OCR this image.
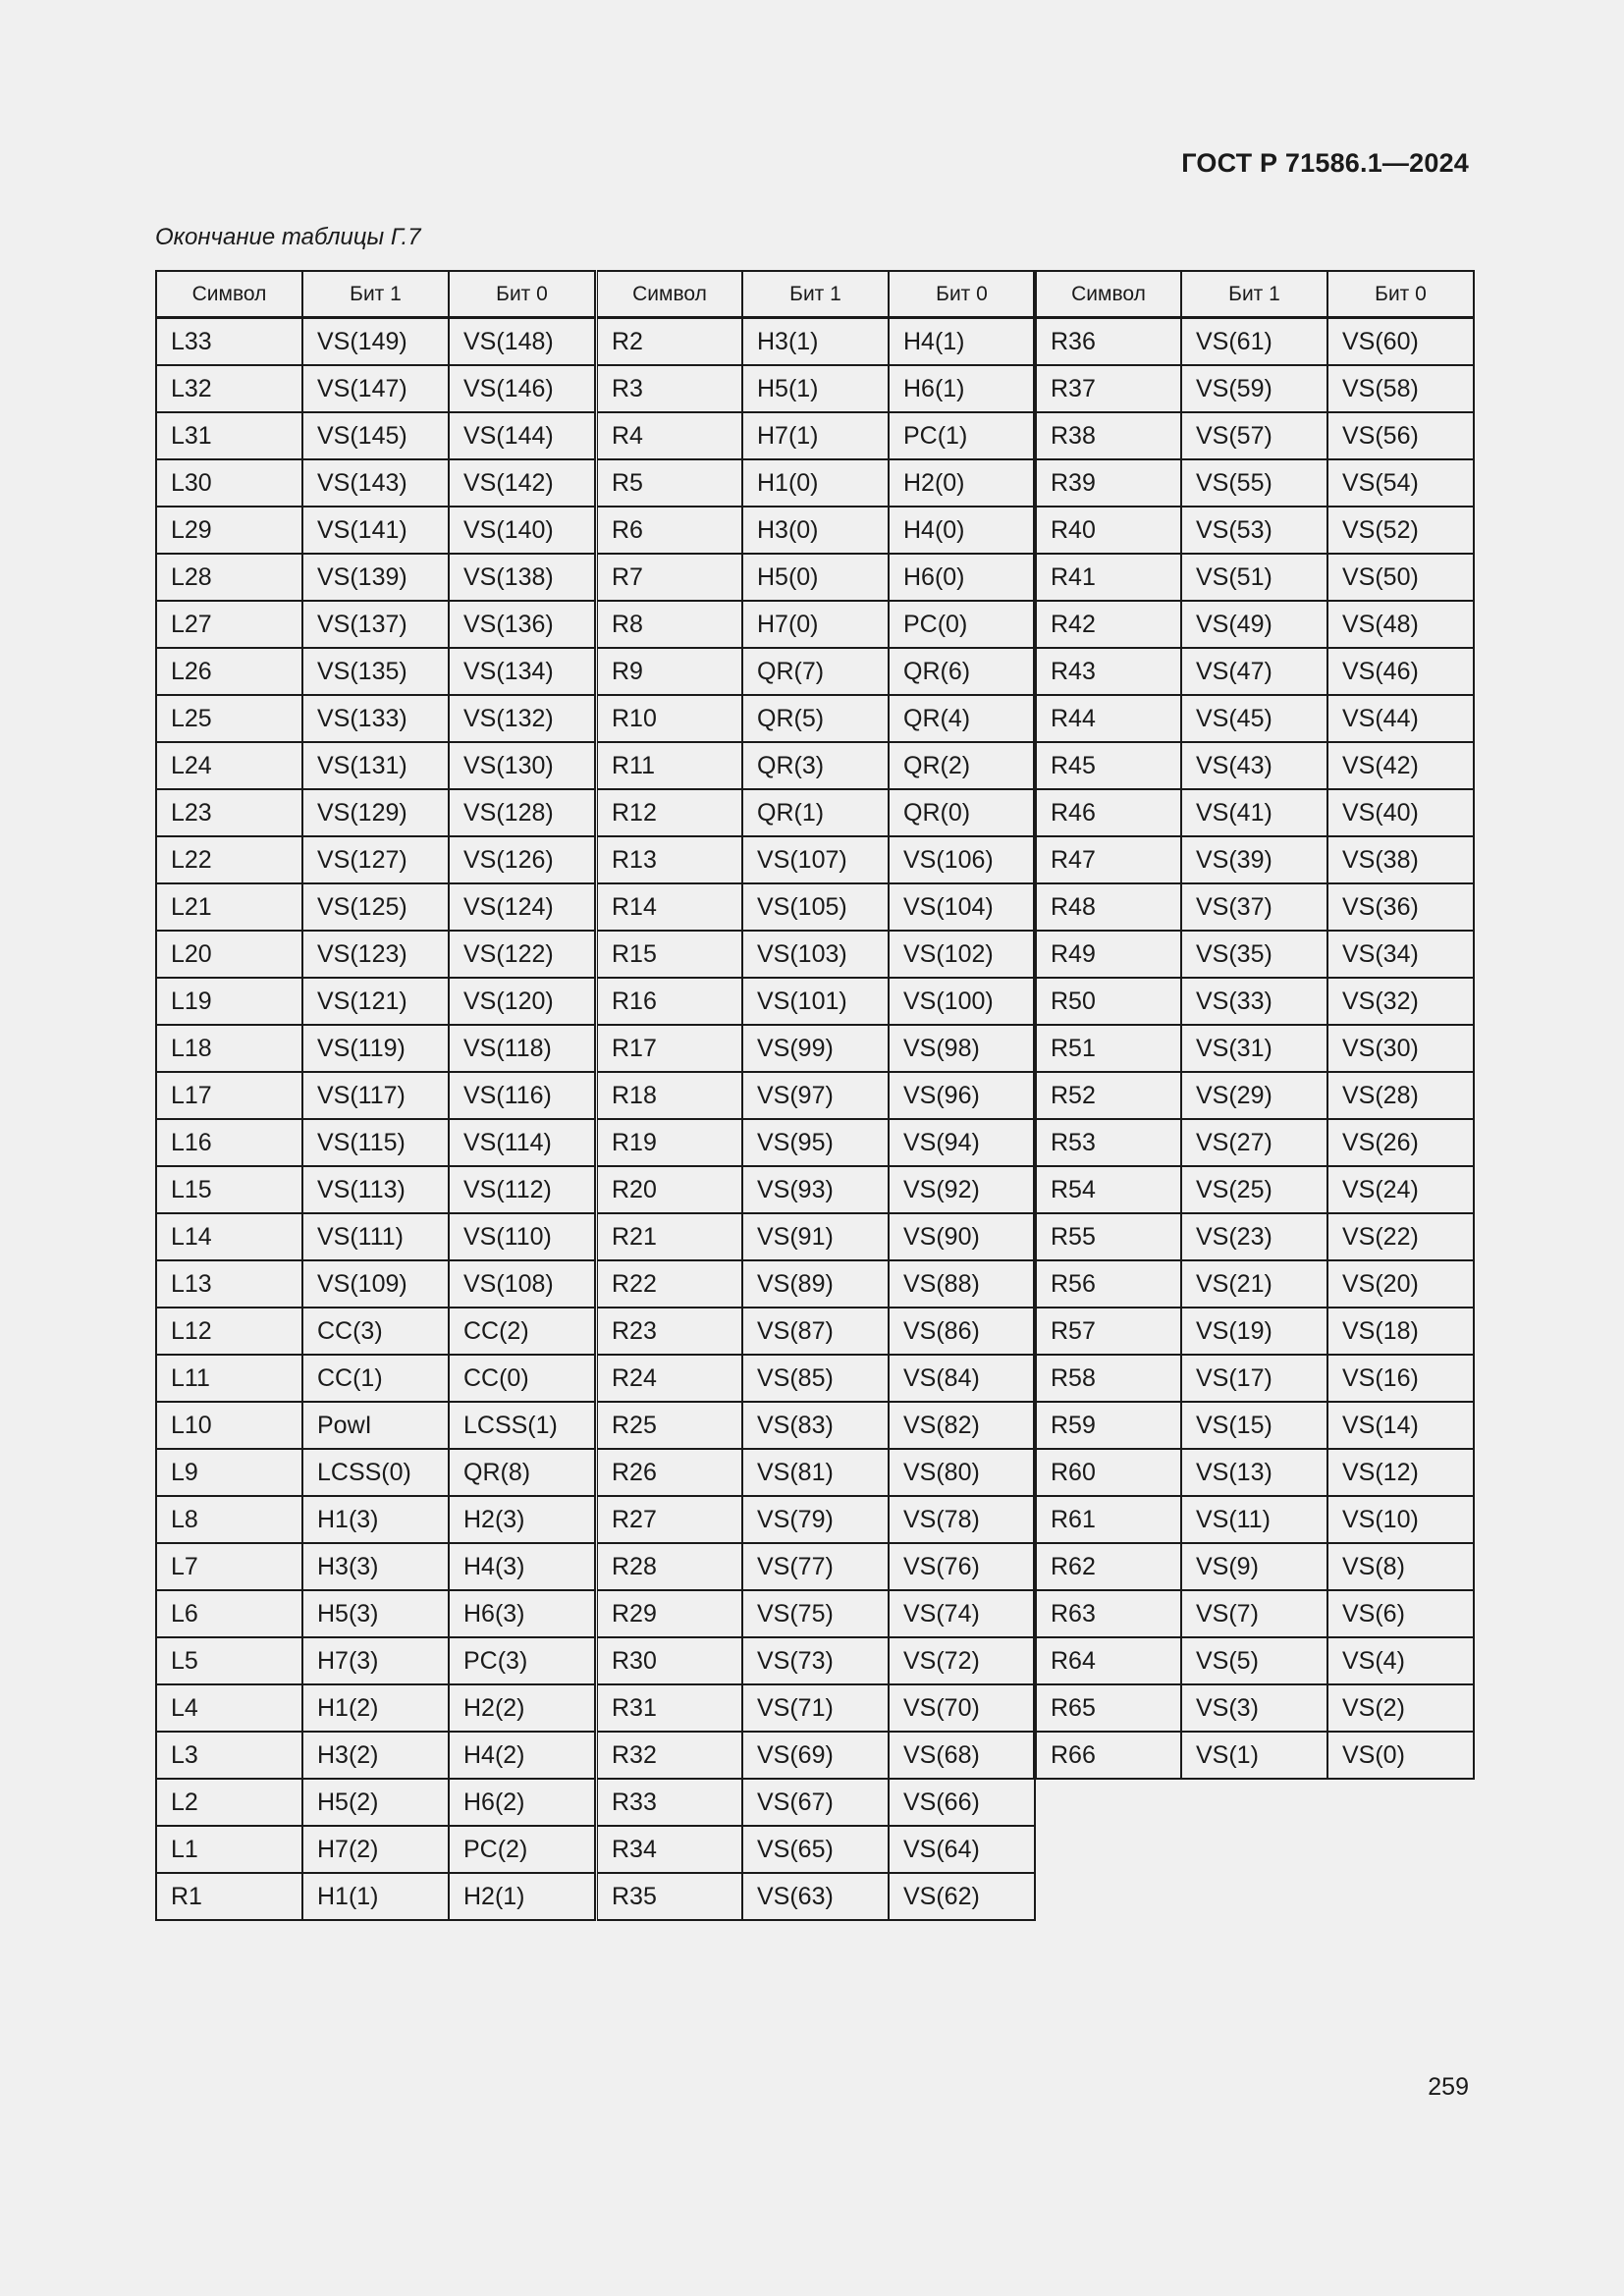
ГОСТ Р 71586.1—2024

Окончание таблицы Г.7

Символ	Бит 1	Бит 0
L33	VS(149)	VS(148)
L32	VS(147)	VS(146)
L31	VS(145)	VS(144)
L30	VS(143)	VS(142)
L29	VS(141)	VS(140)
L28	VS(139)	VS(138)
L27	VS(137)	VS(136)
L26	VS(135)	VS(134)
L25	VS(133)	VS(132)
L24	VS(131)	VS(130)
L23	VS(129)	VS(128)
L22	VS(127)	VS(126)
L21	VS(125)	VS(124)
L20	VS(123)	VS(122)
L19	VS(121)	VS(120)
L18	VS(119)	VS(118)
L17	VS(117)	VS(116)
L16	VS(115)	VS(114)
L15	VS(113)	VS(112)
L14	VS(111)	VS(110)
L13	VS(109)	VS(108)
L12	CC(3)	CC(2)
L11	CC(1)	CC(0)
L10	PowI	LCSS(1)
L9	LCSS(0)	QR(8)
L8	H1(3)	H2(3)
L7	H3(3)	H4(3)
L6	H5(3)	H6(3)
L5	H7(3)	PC(3)
L4	H1(2)	H2(2)
L3	H3(2)	H4(2)
L2	H5(2)	H6(2)
L1	H7(2)	PC(2)
R1	H1(1)	H2(1)
Символ	Бит 1	Бит 0
R2	H3(1)	H4(1)
R3	H5(1)	H6(1)
R4	H7(1)	PC(1)
R5	H1(0)	H2(0)
R6	H3(0)	H4(0)
R7	H5(0)	H6(0)
R8	H7(0)	PC(0)
R9	QR(7)	QR(6)
R10	QR(5)	QR(4)
R11	QR(3)	QR(2)
R12	QR(1)	QR(0)
R13	VS(107)	VS(106)
R14	VS(105)	VS(104)
R15	VS(103)	VS(102)
R16	VS(101)	VS(100)
R17	VS(99)	VS(98)
R18	VS(97)	VS(96)
R19	VS(95)	VS(94)
R20	VS(93)	VS(92)
R21	VS(91)	VS(90)
R22	VS(89)	VS(88)
R23	VS(87)	VS(86)
R24	VS(85)	VS(84)
R25	VS(83)	VS(82)
R26	VS(81)	VS(80)
R27	VS(79)	VS(78)
R28	VS(77)	VS(76)
R29	VS(75)	VS(74)
R30	VS(73)	VS(72)
R31	VS(71)	VS(70)
R32	VS(69)	VS(68)
R33	VS(67)	VS(66)
R34	VS(65)	VS(64)
R35	VS(63)	VS(62)
Символ	Бит 1	Бит 0
R36	VS(61)	VS(60)
R37	VS(59)	VS(58)
R38	VS(57)	VS(56)
R39	VS(55)	VS(54)
R40	VS(53)	VS(52)
R41	VS(51)	VS(50)
R42	VS(49)	VS(48)
R43	VS(47)	VS(46)
R44	VS(45)	VS(44)
R45	VS(43)	VS(42)
R46	VS(41)	VS(40)
R47	VS(39)	VS(38)
R48	VS(37)	VS(36)
R49	VS(35)	VS(34)
R50	VS(33)	VS(32)
R51	VS(31)	VS(30)
R52	VS(29)	VS(28)
R53	VS(27)	VS(26)
R54	VS(25)	VS(24)
R55	VS(23)	VS(22)
R56	VS(21)	VS(20)
R57	VS(19)	VS(18)
R58	VS(17)	VS(16)
R59	VS(15)	VS(14)
R60	VS(13)	VS(12)
R61	VS(11)	VS(10)
R62	VS(9)	VS(8)
R63	VS(7)	VS(6)
R64	VS(5)	VS(4)
R65	VS(3)	VS(2)
R66	VS(1)	VS(0)

259
